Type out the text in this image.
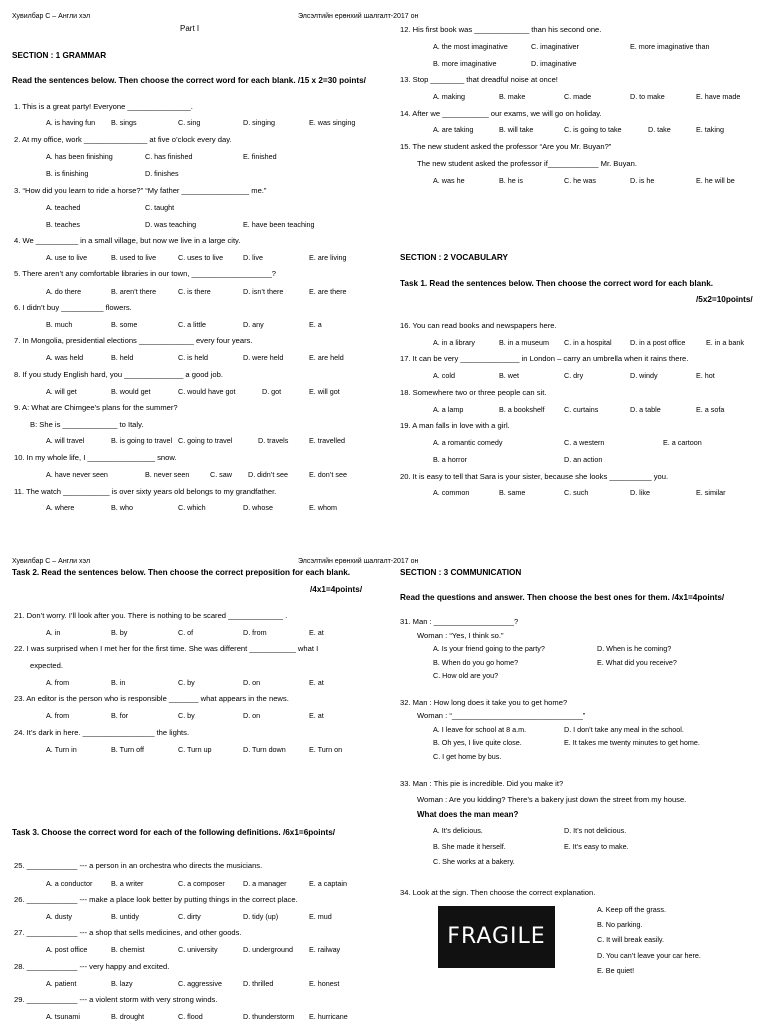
Хувилбар С – Англи хэл	Элсэлтийн ерөнхий шалгалт-2017 он
Part I
SECTION : 1 GRAMMAR
Read the sentences below. Then choose the correct word for each blank. /15 x 2=30 points/
1. This is a great party! Everyone _______________.
A. is having fun B. sings	C. sing	D. singing	E. was singing
2. At my office, work _______________ at five o’clock every day.
A. has been finishing	C. has finished	E. finished
B. is finishing	D. finishes
3. “How did you learn to ride a horse?” “My father ________________ me.”
A. teached	C. taught
B. teaches	D. was teaching	E. have been teaching
4. We __________ in a small village, but now we live in a large city.
A. use to live	B. used to live	C. uses to live	D. live	E. are living
5. There aren’t any comfortable libraries in our town, ___________________?
A. do there	B. aren’t there	C. is there	D. isn’t there	E. are there
6. I didn’t buy __________ flowers.
B. much	B. some	C. a little	D. any	E. a
7. In Mongolia, presidential elections _____________ every four years.
A. was held	B. held	C. is held	D. were held	E. are held
8. If you study English hard, you ______________ a good job.
A. will get	B. would get	C. would have got	D. got	E. will got
9. A: What are Chimgee’s plans for the summer?
B: She is _____________ to Italy.
A. will travel	B. is going to travel C. going to travel	D. travels	E. travelled
10. In my whole life, I ________________ snow.
A. have never seen	B. never seen	C. saw D. didn’t see	E. don’t see
11. The watch ___________ is over sixty years old belongs to my grandfather.
A. where	B. who	C. which	D. whose	E. whom
12. His first book was _____________ than his second one.
A. the most imaginative	C. imaginativer	E. more imaginative than
B. more imaginative	D. imaginative
13. Stop ________ that dreadful noise at once!
A. making	B. make	C. made	D. to make	E. have made
14. After we ___________ our exams, we will go on holiday.
A. are taking	B. will take	C. is going to take	D. take	E. taking
15. The new student asked the professor “Are you Mr. Buyan?”
The new student asked the professor if____________ Mr. Buyan.
A. was he	B. he is	C. he was	D. is he	E. he will be
SECTION : 2 VOCABULARY
Task 1. Read the sentences below. Then choose the correct word for each blank.
/5x2=10points/
16. You can read books and newspapers here.
A. in a library	B. in a museum C. in a hospital	D. in a post office	E. in a bank
17. It can be very ______________ in London – carry an umbrella when it rains there.
A. cold	B. wet	C. dry	D. windy	E. hot
18. Somewhere two or three people can sit.
A. a lamp	B. a bookshelf	C. curtains	D. a table	E. a sofa
19. A man falls in love with a girl.
A. a romantic comedy	C. a western	E. a cartoon
B. a horror	D. an action
20. It is easy to tell that Sara is your sister, because she looks __________ you.
A. common	B. same	C. such	D. like	E. similar
Хувилбар С – Англи хэл	Элсэлтийн ерөнхий шалгалт-2017 он
Task 2. Read the sentences below. Then choose the correct preposition for each blank.
/4x1=4points/
21. Don’t worry. I’ll look after you. There is nothing to be scared _____________ .
A. in	B. by	C. of	D. from	E. at
22. I was surprised when I met her for the first time. She was different ___________ what I
expected.
A. from	B. in	C. by	D. on	E. at
23. An editor is the person who is responsible _______ what appears in the news.
A. from	B. for	C. by	D. on	E. at
24. It’s dark in here. _________________ the lights.
A. Turn in	B. Turn off	C. Turn up	D. Turn down	E. Turn on
Task 3. Choose the correct word for each of the following definitions. /6x1=6points/
25. ____________ --- a person in an orchestra who directs the musicians.
A. a conductor	B. a writer	C. a composer	D. a manager	E. a captain
26. ____________ --- make a place look better by putting things in the correct place.
A. dusty	B. untidy	C. dirty	D. tidy (up)	E. mud
27. ____________ --- a shop that sells medicines, and other goods.
A. post office	B. chemist	C. university	D. underground E. railway
28. ____________ --- very happy and excited.
A. patient	B. lazy	C. aggressive	D. thrilled	E. honest
29. ____________ --- a violent storm with very strong winds.
A. tsunami	B. drought	C. flood	D. thunderstorm E. hurricane
SECTION : 3 COMMUNICATION
Read the questions and answer. Then choose the best ones for them. /4x1=4points/
31. Man : ___________________?
Woman : “Yes, I think so.”
A. Is your friend going to the party?	D. When is he coming?
B. When do you go home?	E. What did you receive?
C. How old are you?
32. Man : How long does it take you to get home?
Woman : “_______________________________”
A. I leave for school at 8 a.m.	D. I don’t take any meal in the school.
B. Oh yes, I live quite close.	E. It takes me twenty minutes to get home.
C. I get home by bus.
33. Man : This pie is incredible. Did you make it?
Woman : Are you kidding? There’s a bakery just down the street from my house.
What does the man mean?
A. It’s delicious.	D. It’s not delicious.
B. She made it herself.	E. It’s easy to make.
C. She works at a bakery.
34. Look at the sign. Then choose the correct explanation.
FRAGILE
A. Keep off the grass.
B. No parking.
C. It will break easily.
D. You can’t leave your car here.
E. Be quiet!
